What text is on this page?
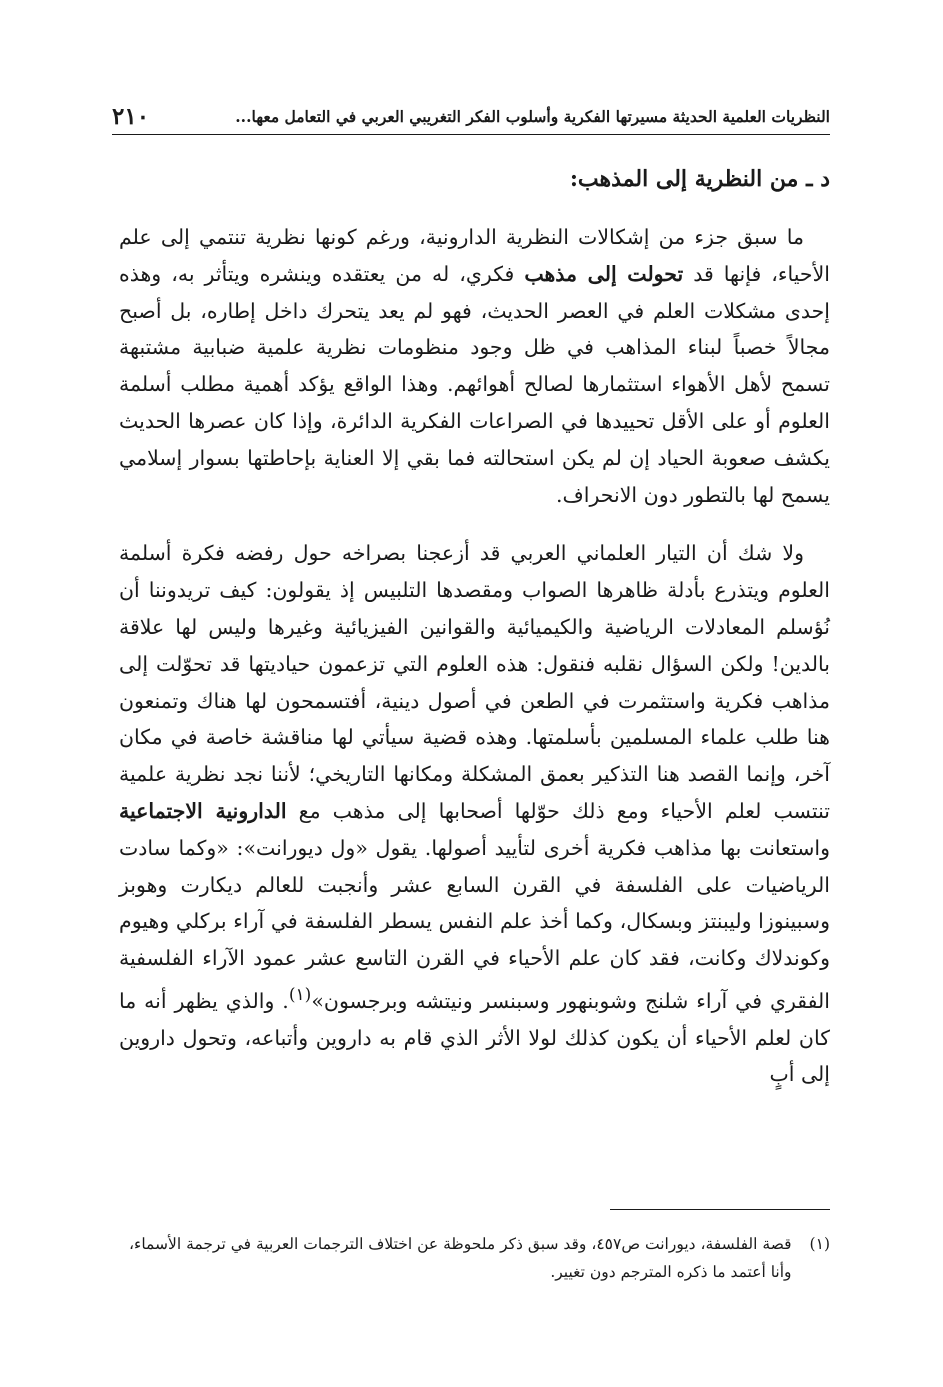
النظريات العلمية الحديثة مسيرتها الفكرية وأسلوب الفكر التغريبي العربي في التعامل معها...
٢١٠
د ـ من النظرية إلى المذهب:

ما سبق جزء من إشكالات النظرية الدارونية، ورغم كونها نظرية تنتمي إلى علم الأحياء، فإنها قد تحولت إلى مذهب فكري، له من يعتقده وينشره ويتأثر به، وهذه إحدى مشكلات العلم في العصر الحديث، فهو لم يعد يتحرك داخل إطاره، بل أصبح مجالاً خصباً لبناء المذاهب في ظل وجود منظومات نظرية علمية ضبابية مشتبهة تسمح لأهل الأهواء استثمارها لصالح أهوائهم. وهذا الواقع يؤكد أهمية مطلب أسلمة العلوم أو على الأقل تحييدها في الصراعات الفكرية الدائرة، وإذا كان عصرها الحديث يكشف صعوبة الحياد إن لم يكن استحالته فما بقي إلا العناية بإحاطتها بسوار إسلامي يسمح لها بالتطور دون الانحراف.

ولا شك أن التيار العلماني العربي قد أزعجنا بصراخه حول رفضه فكرة أسلمة العلوم ويتذرع بأدلة ظاهرها الصواب ومقصدها التلبيس إذ يقولون: كيف تريدوننا أن نُؤسلم المعادلات الرياضية والكيميائية والقوانين الفيزيائية وغيرها وليس لها علاقة بالدين! ولكن السؤال نقلبه فنقول: هذه العلوم التي تزعمون حياديتها قد تحوّلت إلى مذاهب فكرية واستثمرت في الطعن في أصول دينية، أفتسمحون لها هناك وتمنعون هنا طلب علماء المسلمين بأسلمتها. وهذه قضية سيأتي لها مناقشة خاصة في مكان آخر، وإنما القصد هنا التذكير بعمق المشكلة ومكانها التاريخي؛ لأننا نجد نظرية علمية تنتسب لعلم الأحياء ومع ذلك حوّلها أصحابها إلى مذهب مع الدارونية الاجتماعية واستعانت بها مذاهب فكرية أخرى لتأييد أصولها. يقول «ول ديورانت»: «وكما سادت الرياضيات على الفلسفة في القرن السابع عشر وأنجبت للعالم ديكارت وهوبز وسبينوزا وليبنتز وبسكال، وكما أخذ علم النفس يسطر الفلسفة في آراء بركلي وهيوم وكوندلاك وكانت، فقد كان علم الأحياء في القرن التاسع عشر عمود الآراء الفلسفية الفقري في آراء شلنج وشوبنهور وسبنسر ونيتشه وبرجسون»$^{(١)}$. والذي يظهر أنه ما كان لعلم الأحياء أن يكون كذلك لولا الأثر الذي قام به داروين وأتباعه، وتحول داروين إلى أبٍ

(١)
قصة الفلسفة، ديورانت ص٤٥٧، وقد سبق ذكر ملحوظة عن اختلاف الترجمات العربية في ترجمة الأسماء، وأنا أعتمد ما ذكره المترجم دون تغيير.
